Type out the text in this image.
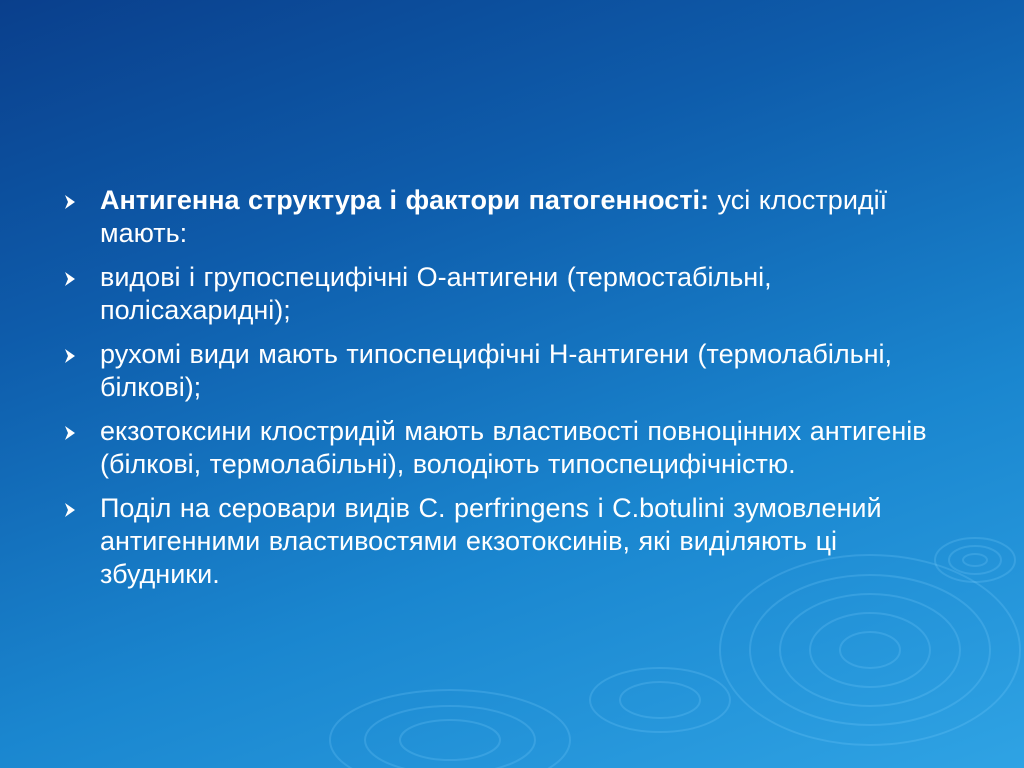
Антигенна структура і фактори патогенності: усі клостридії мають:
видові і групоспецифічні О-антигени (термостабільні, полісахаридні);
рухомі види мають типоспецифічні Н-антигени (термолабільні, білкові);
екзотоксини клостридій мають властивості повноцінних антигенів (білкові, термолабільні), володіють типоспецифічністю.
Поділ на серовари видів C. perfringens і C.botulini зумовлений антигенними властивостями екзотоксинів, які виділяють ці збудники.
